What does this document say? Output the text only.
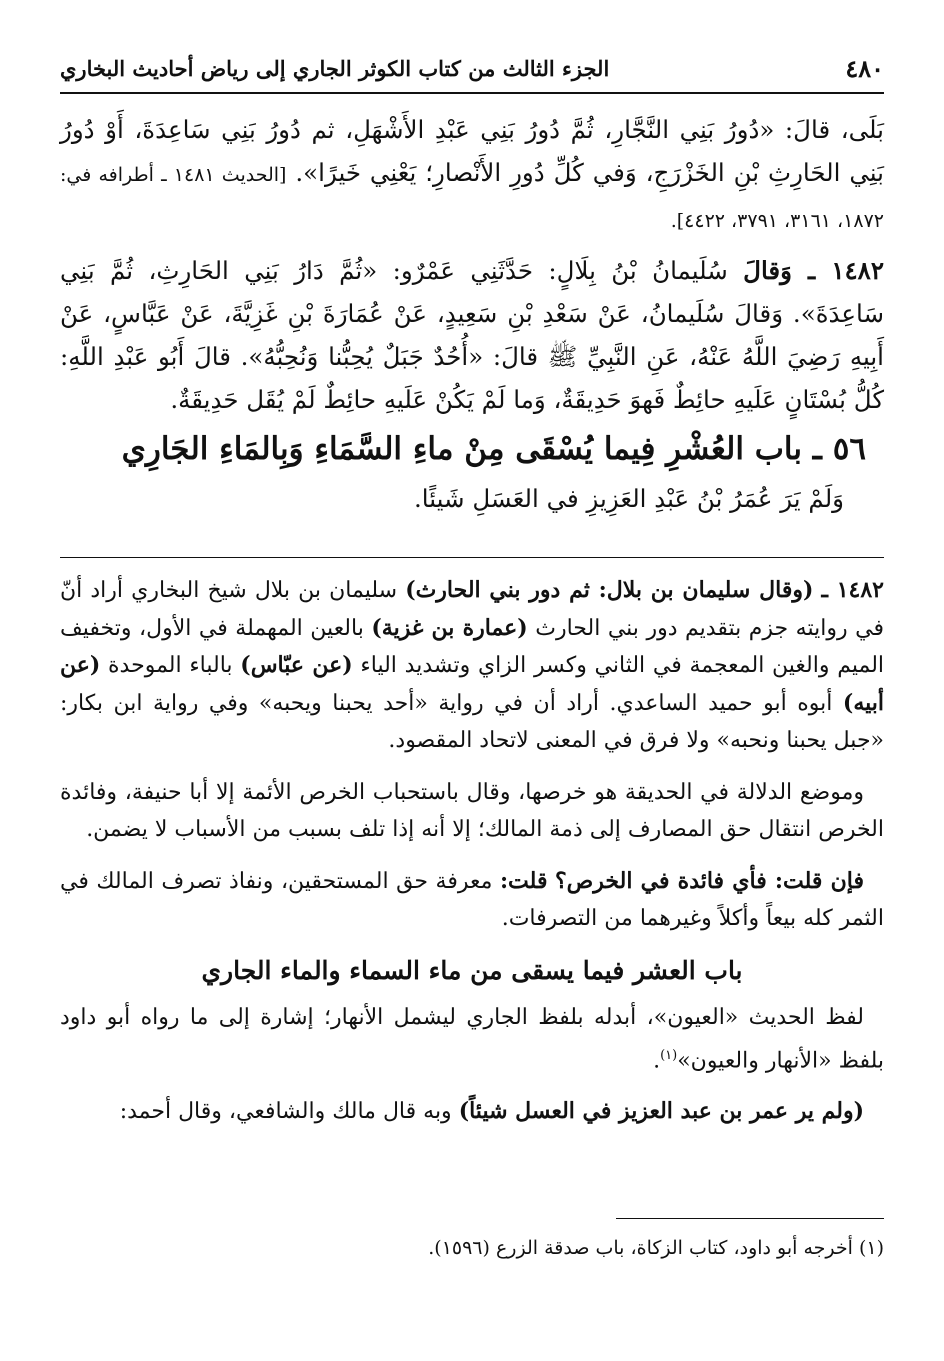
٤٨٠
الجزء الثالث من كتاب الكوثر الجاري إلى رياض أحاديث البخاري

بَلَى، قالَ: «دُورُ بَنِي النَّجَّارِ، ثُمَّ دُورُ بَنِي عَبْدِ الأَشْهَلِ، ثم دُورُ بَنِي سَاعِدَةَ، أَوْ دُورُ بَنِي الحَارِثِ بْنِ الخَزْرَجِ، وَفي كُلِّ دُورِ الأَنْصارِ؛ يَعْنِي خَيرًا». [الحديث ١٤٨١ ـ أطرافه في: ١٨٧٢، ٣١٦١، ٣٧٩١، ٤٤٢٢].

١٤٨٢ ـ وَقالَ سُلَيمانُ بْنُ بِلَالٍ: حَدَّثَنِي عَمْرٌو: «ثُمَّ دَارُ بَنِي الحَارِثِ، ثُمَّ بَنِي سَاعِدَةَ». وَقالَ سُلَيمانُ، عَنْ سَعْدِ بْنِ سَعِيدٍ، عَنْ عُمَارَةَ بْنِ غَزِيَّةَ، عَنْ عَبَّاسٍ، عَنْ أَبِيهِ رَضِيَ اللَّهُ عَنْهُ، عَنِ النَّبِيِّ ﷺ قالَ: «أُحُدٌ جَبَلٌ يُحِبُّنا وَنُحِبُّهُ». قالَ أَبُو عَبْدِ اللَّهِ: كُلُّ بُسْتَانٍ عَلَيهِ حائِطٌ فَهوَ حَدِيقَةٌ، وَما لَمْ يَكُنْ عَلَيهِ حائِطٌ لَمْ يُقَل حَدِيقَةٌ.

٥٦ ـ باب العُشْرِ فِيما يُسْقَى مِنْ ماءِ السَّمَاءِ وَبِالمَاءِ الجَارِي

وَلَمْ يَرَ عُمَرُ بْنُ عَبْدِ العَزِيزِ في العَسَلِ شَيئًا.

١٤٨٢ ـ (وقال سليمان بن بلال: ثم دور بني الحارث) سليمان بن بلال شيخ البخاري أراد أنّ في روايته جزم بتقديم دور بني الحارث (عمارة بن غزية) بالعين المهملة في الأول، وتخفيف الميم والغين المعجمة في الثاني وكسر الزاي وتشديد الياء (عن عبّاس) بالباء الموحدة (عن أبيه) أبوه أبو حميد الساعدي. أراد أن في رواية «أحد يحبنا ويحبه» وفي رواية ابن بكار: «جبل يحبنا ونحبه» ولا فرق في المعنى لاتحاد المقصود.

وموضع الدلالة في الحديقة هو خرصها، وقال باستحباب الخرص الأئمة إلا أبا حنيفة، وفائدة الخرص انتقال حق المصارف إلى ذمة المالك؛ إلا أنه إذا تلف بسبب من الأسباب لا يضمن.

فإن قلت: فأي فائدة في الخرص؟ قلت: معرفة حق المستحقين، ونفاذ تصرف المالك في الثمر كله بيعاً وأكلاً وغيرهما من التصرفات.

باب العشر فيما يسقى من ماء السماء والماء الجاري

لفظ الحديث «العيون»، أبدله بلفظ الجاري ليشمل الأنهار؛ إشارة إلى ما رواه أبو داود بلفظ «الأنهار والعيون»$^{(١)}$.

(ولم ير عمر بن عبد العزيز في العسل شيئاً) وبه قال مالك والشافعي، وقال أحمد:

(١) أخرجه أبو داود، كتاب الزكاة، باب صدقة الزرع (١٥٩٦).
